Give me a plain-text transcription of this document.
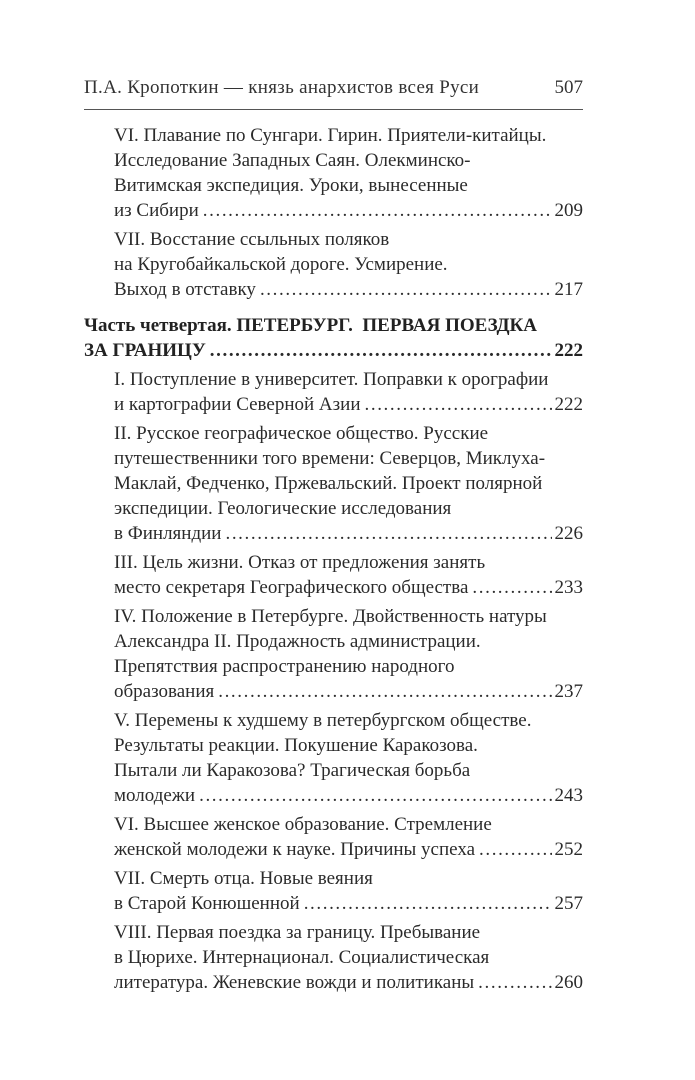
П.А. Кропоткин — князь анархистов всея Руси	507
VI. Плавание по Сунгари. Гирин. Приятели-китайцы.
Исследование Западных Саян. Олекминско-
Витимская экспедиция. Уроки, вынесенные
из Сибири .....	209
VII. Восстание ссыльных поляков
на Кругобайкальской дороге. Усмирение.
Выход в отставку .....	217
Часть четвертая. ПЕТЕРБУРГ.  ПЕРВАЯ ПОЕЗДКА
ЗА ГРАНИЦУ .....	222
I. Поступление в университет. Поправки к орографии
и картографии Северной Азии .....	222
II. Русское географическое общество. Русские
путешественники того времени: Северцов, Миклуха-
Маклай, Федченко, Пржевальский. Проект полярной
экспедиции. Геологические исследования
в Финляндии .....	226
III. Цель жизни. Отказ от предложения занять
место секретаря Географического общества .....	233
IV. Положение в Петербурге. Двойственность натуры
Александра II. Продажность администрации.
Препятствия распространению народного
образования .....	237
V. Перемены к худшему в петербургском обществе.
Результаты реакции. Покушение Каракозова.
Пытали ли Каракозова? Трагическая борьба
молодежи .....	243
VI. Высшее женское образование. Стремление
женской молодежи к науке. Причины успеха .....	252
VII. Смерть отца. Новые веяния
в Старой Конюшенной .....	257
VIII. Первая поездка за границу. Пребывание
в Цюрихе. Интернационал. Социалистическая
литература. Женевские вожди и политиканы .....	260
